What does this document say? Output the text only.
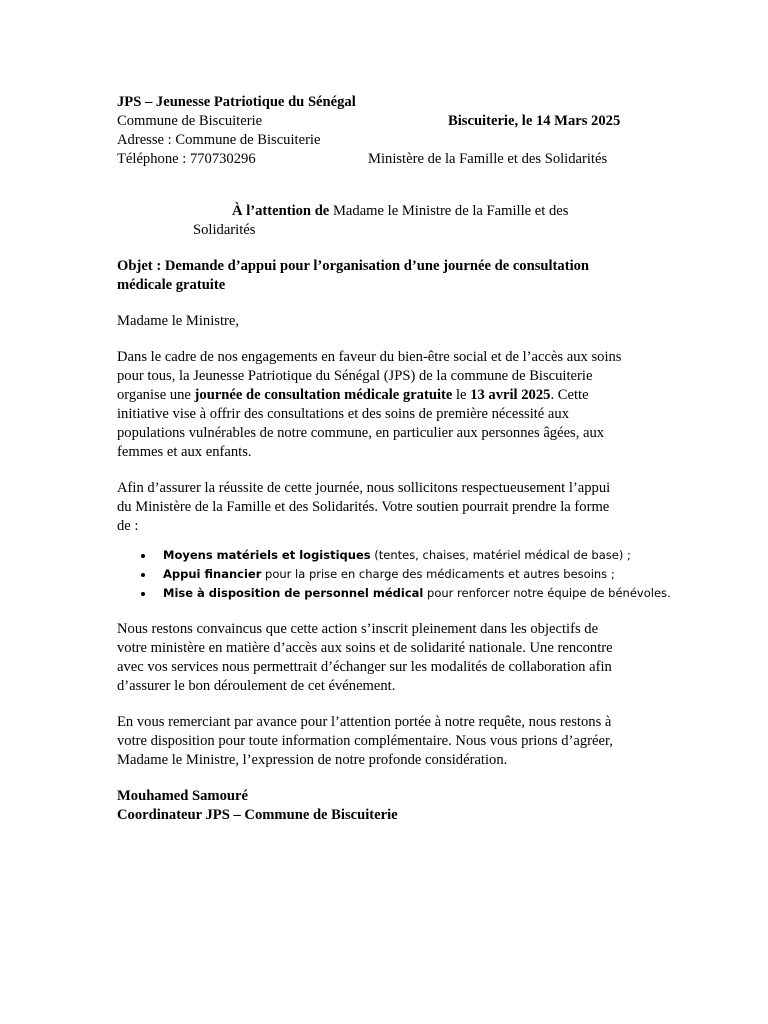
JPS – Jeunesse Patriotique du Sénégal
Commune de Biscuiterie	Biscuiterie, le 14 Mars 2025
Adresse : Commune de Biscuiterie
Téléphone : 770730296	Ministère de la Famille et des Solidarités
À l’attention de Madame le Ministre de la Famille et des
Solidarités
Objet : Demande d’appui pour l’organisation d’une journée de consultation
médicale gratuite
Madame le Ministre,
Dans le cadre de nos engagements en faveur du bien-être social et de l’accès aux soins
pour tous, la Jeunesse Patriotique du Sénégal (JPS) de la commune de Biscuiterie
organise une journée de consultation médicale gratuite le 13 avril 2025. Cette
initiative vise à offrir des consultations et des soins de première nécessité aux
populations vulnérables de notre commune, en particulier aux personnes âgées, aux
femmes et aux enfants.
Afin d’assurer la réussite de cette journée, nous sollicitons respectueusement l’appui
du Ministère de la Famille et des Solidarités. Votre soutien pourrait prendre la forme
de :
Moyens matériels et logistiques (tentes, chaises, matériel médical de base) ;
Appui financier pour la prise en charge des médicaments et autres besoins ;
Mise à disposition de personnel médical pour renforcer notre équipe de bénévoles.
Nous restons convaincus que cette action s’inscrit pleinement dans les objectifs de
votre ministère en matière d’accès aux soins et de solidarité nationale. Une rencontre
avec vos services nous permettrait d’échanger sur les modalités de collaboration afin
d’assurer le bon déroulement de cet événement.
En vous remerciant par avance pour l’attention portée à notre requête, nous restons à
votre disposition pour toute information complémentaire. Nous vous prions d’agréer,
Madame le Ministre, l’expression de notre profonde considération.
Mouhamed Samouré
Coordinateur JPS – Commune de Biscuiterie
